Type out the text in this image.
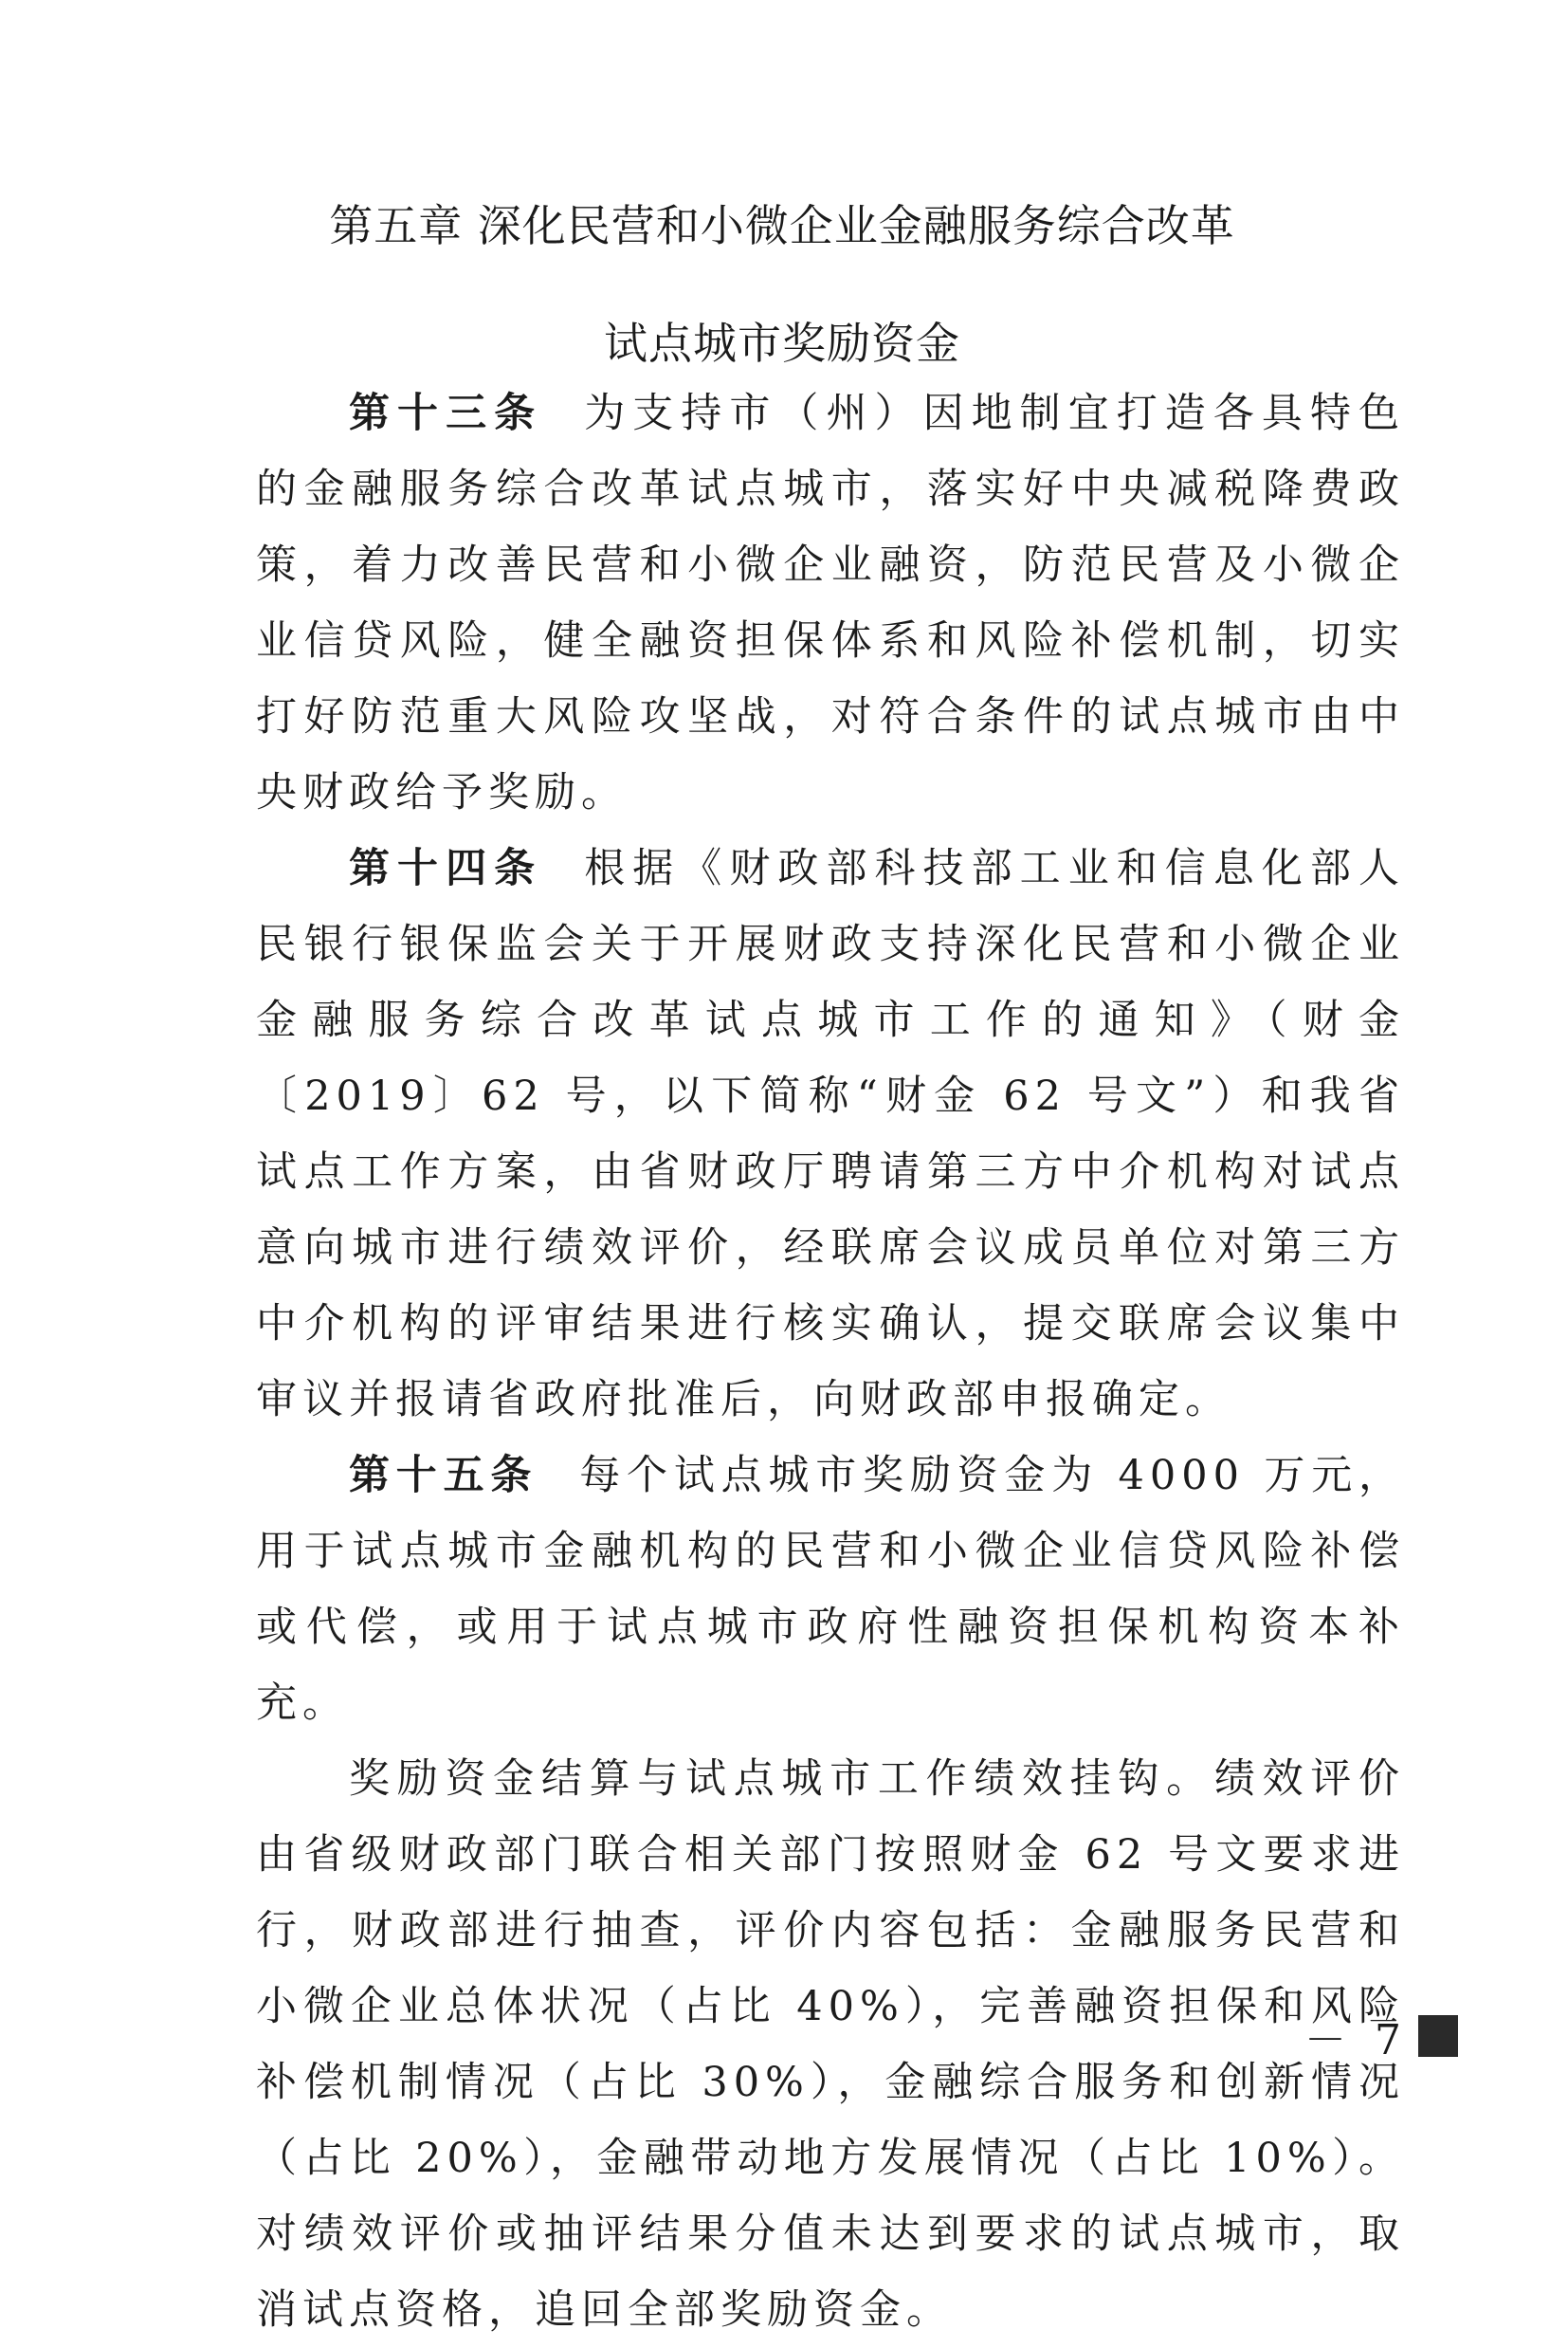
第五章 深化民营和小微企业金融服务综合改革
试点城市奖励资金

第十三条 为支持市（州）因地制宜打造各具特色的金融服务综合改革试点城市，落实好中央减税降费政策，着力改善民营和小微企业融资，防范民营及小微企业信贷风险，健全融资担保体系和风险补偿机制，切实打好防范重大风险攻坚战，对符合条件的试点城市由中央财政给予奖励。

第十四条 根据《财政部科技部工业和信息化部人民银行银保监会关于开展财政支持深化民营和小微企业金融服务综合改革试点城市工作的通知》（财金〔2019〕62 号，以下简称“财金 62 号文”）和我省试点工作方案，由省财政厅聘请第三方中介机构对试点意向城市进行绩效评价，经联席会议成员单位对第三方中介机构的评审结果进行核实确认，提交联席会议集中审议并报请省政府批准后，向财政部申报确定。

第十五条 每个试点城市奖励资金为 4000 万元，用于试点城市金融机构的民营和小微企业信贷风险补偿或代偿，或用于试点城市政府性融资担保机构资本补充。

奖励资金结算与试点城市工作绩效挂钩。绩效评价由省级财政部门联合相关部门按照财金 62 号文要求进行，财政部进行抽查，评价内容包括：金融服务民营和小微企业总体状况（占比 40%），完善融资担保和风险补偿机制情况（占比 30%），金融综合服务和创新情况（占比 20%），金融带动地方发展情况（占比 10%）。对绩效评价或抽评结果分值未达到要求的试点城市，取消试点资格，追回全部奖励资金。

－ 7
